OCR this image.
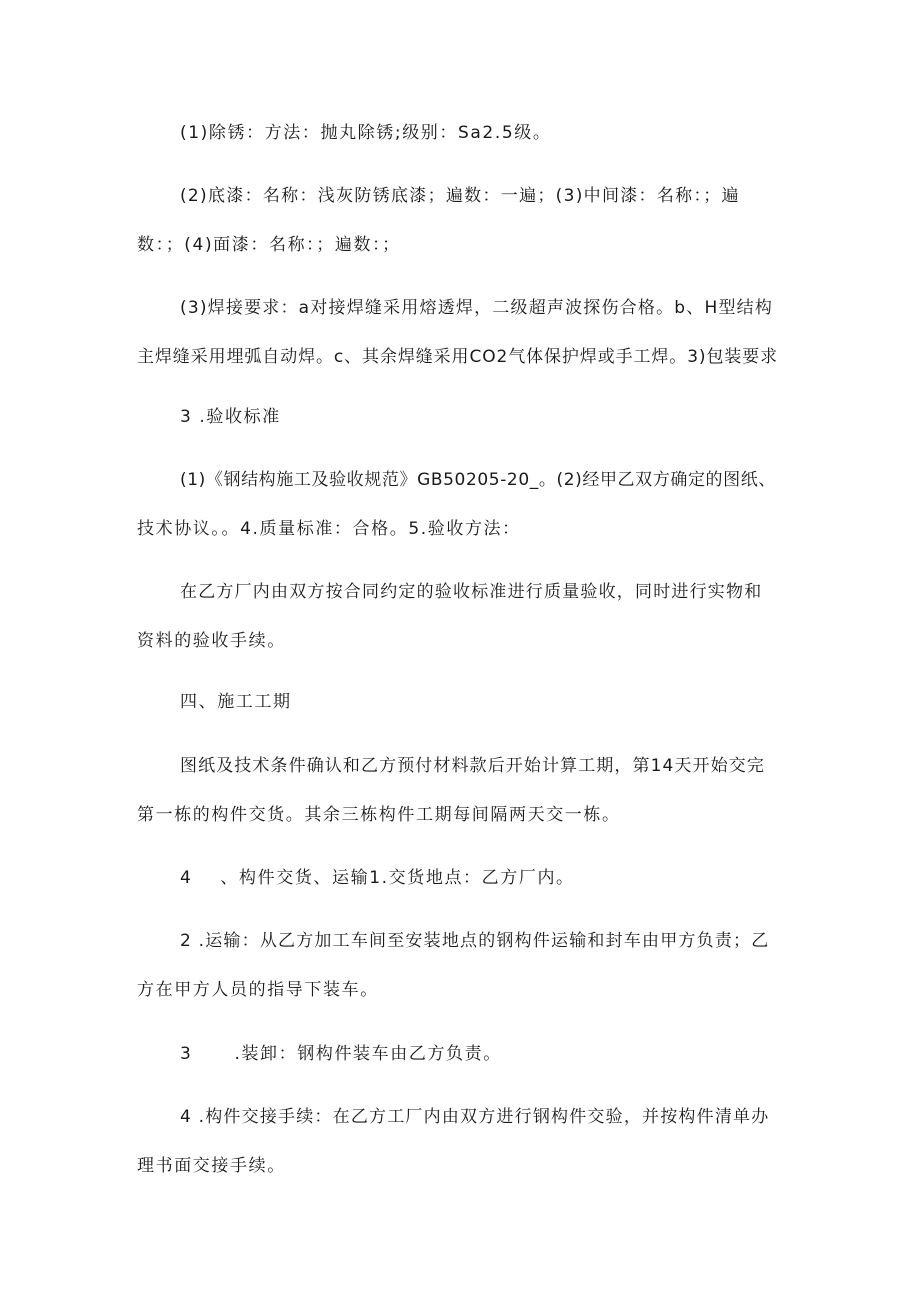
(1)除锈：方法：抛丸除锈;级别：Sa2.5级。
(2)底漆：名称：浅灰防锈底漆；遍数：一遍；(3)中间漆：名称：；遍
数：；(4)面漆：名称：；遍数：；
(3)焊接要求：a对接焊缝采用熔透焊，二级超声波探伤合格。b、H型结构
主焊缝采用埋弧自动焊。c、其余焊缝采用CO2气体保护焊或手工焊。3)包装要求
3 .验收标准
(1)《钢结构施工及验收规范》GB50205-20_。(2)经甲乙双方确定的图纸、
技术协议。。4.质量标准：合格。5.验收方法：
在乙方厂内由双方按合同约定的验收标准进行质量验收，同时进行实物和
资料的验收手续。
四、施工工期
图纸及技术条件确认和乙方预付材料款后开始计算工期，第14天开始交完
第一栋的构件交货。其余三栋构件工期每间隔两天交一栋。
4    、构件交货、运输1.交货地点：乙方厂内。
2 .运输：从乙方加工车间至安装地点的钢构件运输和封车由甲方负责；乙
方在甲方人员的指导下装车。
3      .装卸：钢构件装车由乙方负责。
4 .构件交接手续：在乙方工厂内由双方进行钢构件交验，并按构件清单办
理书面交接手续。
